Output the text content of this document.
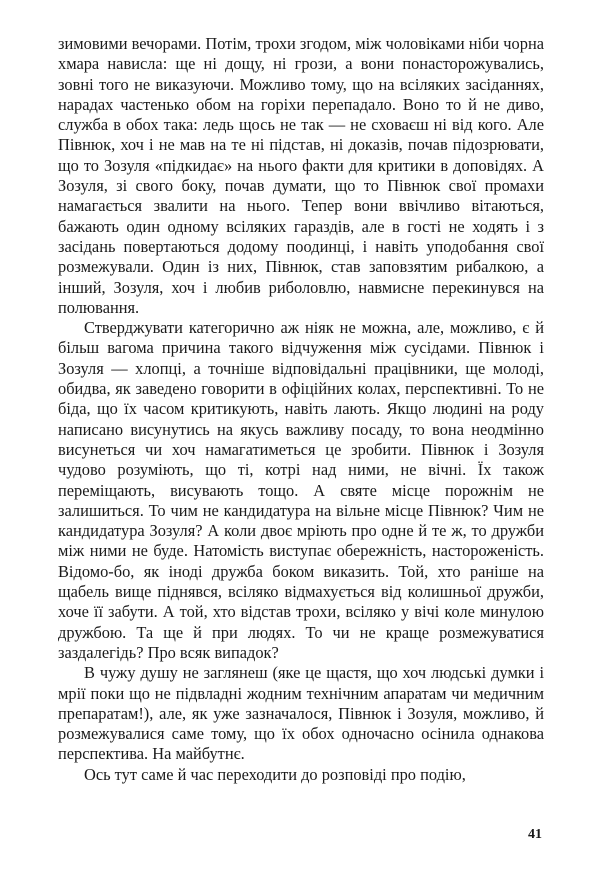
зимовими вечорами. Потім, трохи згодом, між чоловіками ніби чорна хмара нависла: ще ні дощу, ні грози, а вони понасторожувались, зовні того не виказуючи. Можливо тому, що на всіляких засіданнях, нарадах частенько обом на горіхи перепадало. Воно то й не диво, служба в обох така: ледь щось не так — не сховаєш ні від кого. Але Півнюк, хоч і не мав на те ні підстав, ні доказів, почав підозрювати, що то Зозуля «підкидає» на нього факти для критики в доповідях. А Зозуля, зі свого боку, почав думати, що то Півнюк свої промахи намагається звалити на нього. Тепер вони ввічливо вітаються, бажають один одному всіляких гараздів, але в гості не ходять і з засідань повертаються додому поодинці, і навіть уподобання свої розмежували. Один із них, Півнюк, став заповзятим рибалкою, а інший, Зозуля, хоч і любив риболовлю, навмисне перекинувся на полювання.

Стверджувати категорично аж ніяк не можна, але, можливо, є й більш вагома причина такого відчуження між сусідами. Півнюк і Зозуля — хлопці, а точніше відповідальні працівники, ще молоді, обидва, як заведено говорити в офіційних колах, перспективні. То не біда, що їх часом критикують, навіть лають. Якщо людині на роду написано висунутись на якусь важливу посаду, то вона неодмінно висунеться чи хоч намагатиметься це зробити. Півнюк і Зозуля чудово розуміють, що ті, котрі над ними, не вічні. Їх також переміщають, висувають тощо. А святе місце порожнім не залишиться. То чим не кандидатура на вільне місце Півнюк? Чим не кандидатура Зозуля? А коли двоє мріють про одне й те ж, то дружби між ними не буде. Натомість виступає обережність, настороженість. Відомо-бо, як іноді дружба боком виказить. Той, хто раніше на щабель вище піднявся, всіляко відмахується від колишньої дружби, хоче її забути. А той, хто відстав трохи, всіляко у вічі коле минулою дружбою. Та ще й при людях. То чи не краще розмежуватися заздалегідь? Про всяк випадок?

В чужу душу не заглянеш (яке це щастя, що хоч людські думки і мрії поки що не підвладні жодним технічним апаратам чи медичним препаратам!), але, як уже зазначалося, Півнюк і Зозуля, можливо, й розмежувалися саме тому, що їх обох одночасно осінила однакова перспектива. На майбутнє.

Ось тут саме й час переходити до розповіді про подію,

41
